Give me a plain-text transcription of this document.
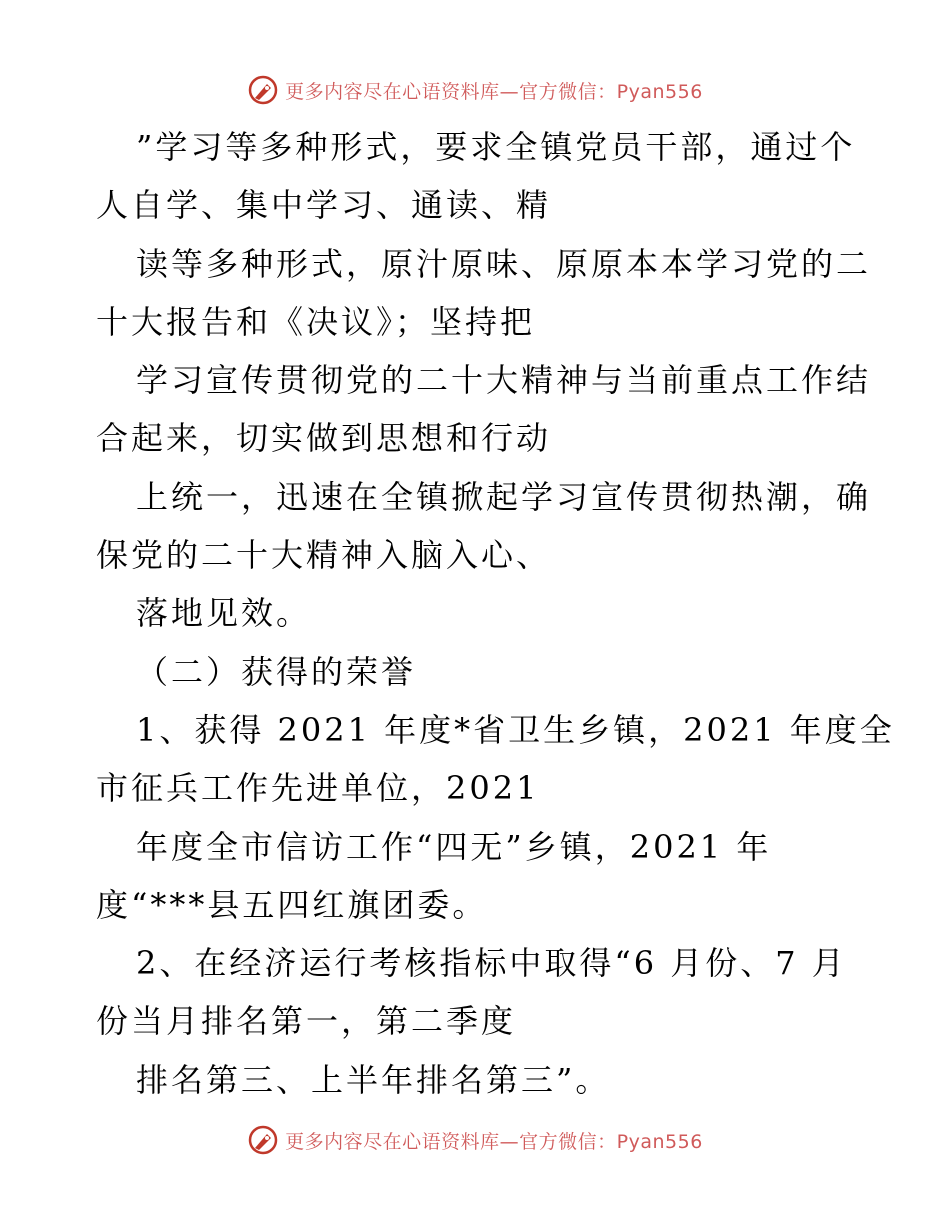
更多内容尽在心语资料库—官方微信：Pyan556
”学习等多种形式，要求全镇党员干部，通过个
人自学、集中学习、通读、精
读等多种形式，原汁原味、原原本本学习党的二
十大报告和《决议》；坚持把
学习宣传贯彻党的二十大精神与当前重点工作结
合起来，切实做到思想和行动
上统一，迅速在全镇掀起学习宣传贯彻热潮，确
保党的二十大精神入脑入心、
落地见效。
（二）获得的荣誉
1、获得 2021 年度*省卫生乡镇，2021 年度全
市征兵工作先进单位，2021
年度全市信访工作“四无”乡镇，2021 年
度“***县五四红旗团委。
2、在经济运行考核指标中取得“6 月份、7 月
份当月排名第一，第二季度
排名第三、上半年排名第三”。
更多内容尽在心语资料库—官方微信：Pyan556
